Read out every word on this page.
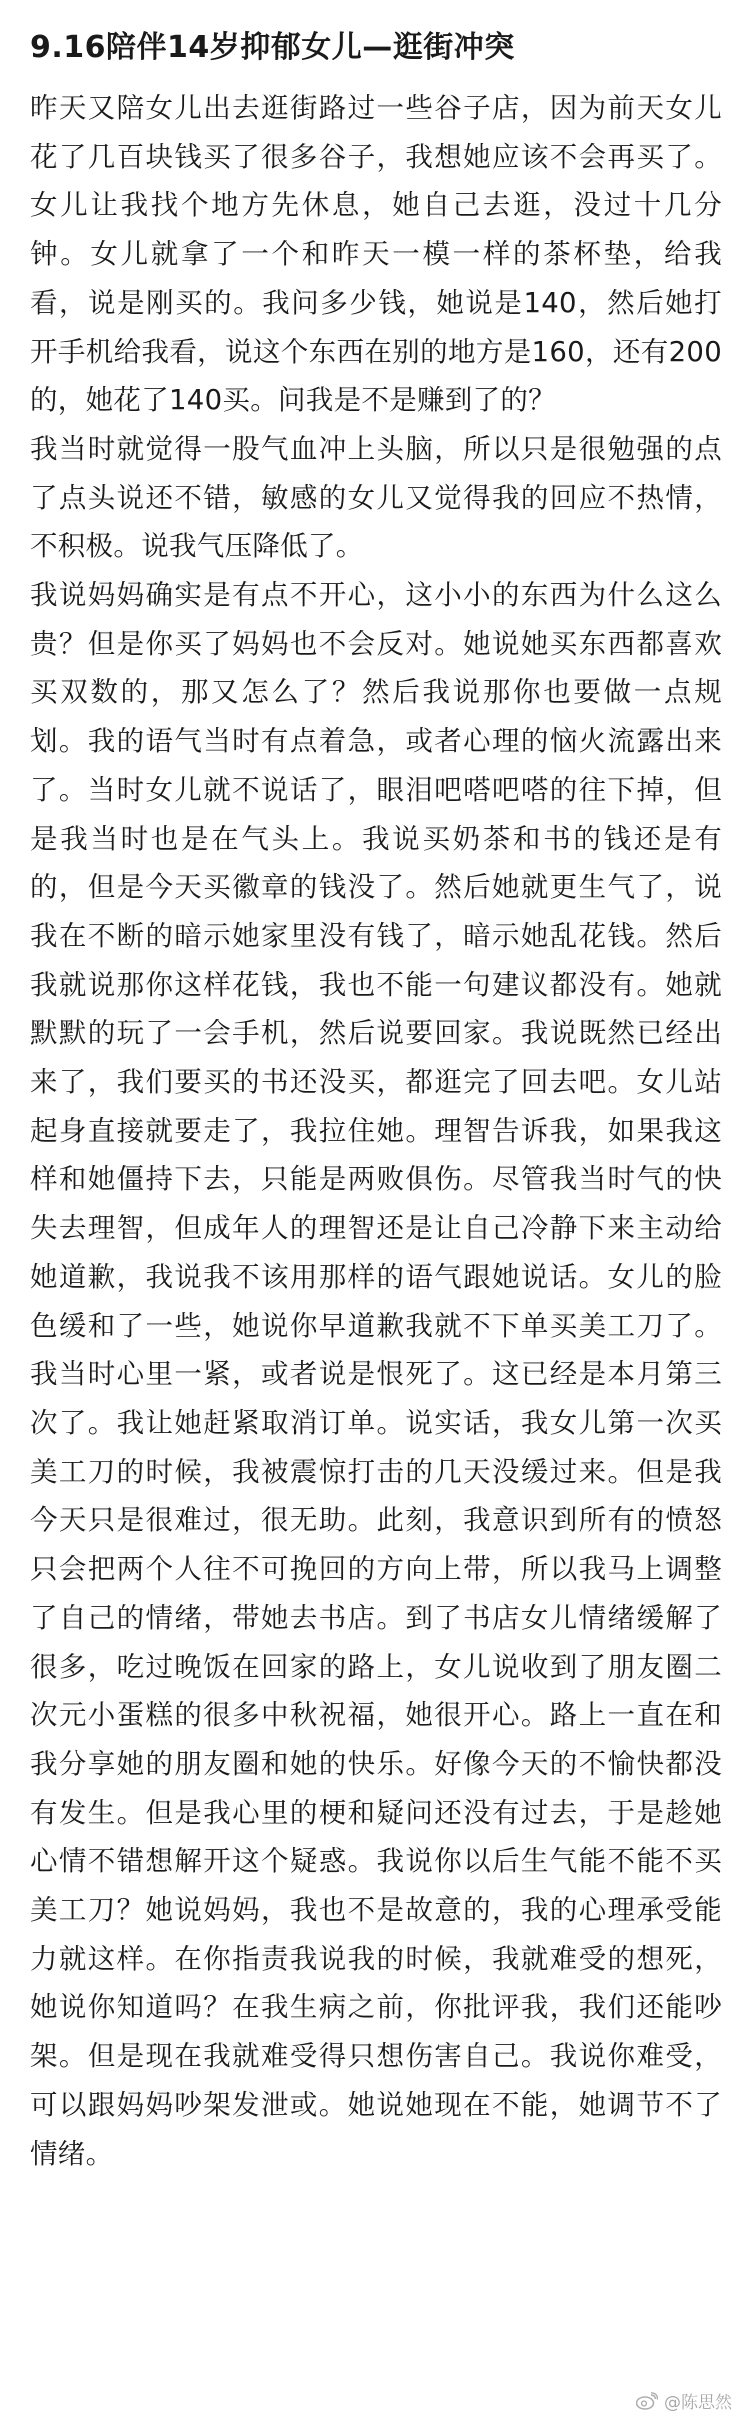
9.16陪伴14岁抑郁女儿—逛街冲突

昨天又陪女儿出去逛街路过一些谷子店，因为前天女儿花了几百块钱买了很多谷子，我想她应该不会再买了。女儿让我找个地方先休息，她自己去逛，没过十几分钟。女儿就拿了一个和昨天一模一样的茶杯垫，给我看，说是刚买的。我问多少钱，她说是140，然后她打开手机给我看，说这个东西在别的地方是160，还有200的，她花了140买。问我是不是赚到了的？

我当时就觉得一股气血冲上头脑，所以只是很勉强的点了点头说还不错，敏感的女儿又觉得我的回应不热情，不积极。说我气压降低了。

我说妈妈确实是有点不开心，这小小的东西为什么这么贵？但是你买了妈妈也不会反对。她说她买东西都喜欢买双数的，那又怎么了？然后我说那你也要做一点规划。我的语气当时有点着急，或者心理的恼火流露出来了。当时女儿就不说话了，眼泪吧嗒吧嗒的往下掉，但是我当时也是在气头上。我说买奶茶和书的钱还是有的，但是今天买徽章的钱没了。然后她就更生气了，说我在不断的暗示她家里没有钱了，暗示她乱花钱。然后我就说那你这样花钱，我也不能一句建议都没有。她就默默的玩了一会手机，然后说要回家。我说既然已经出来了，我们要买的书还没买，都逛完了回去吧。女儿站起身直接就要走了，我拉住她。理智告诉我，如果我这样和她僵持下去，只能是两败俱伤。尽管我当时气的快失去理智，但成年人的理智还是让自己冷静下来主动给她道歉，我说我不该用那样的语气跟她说话。女儿的脸色缓和了一些，她说你早道歉我就不下单买美工刀了。我当时心里一紧，或者说是恨死了。这已经是本月第三次了。我让她赶紧取消订单。说实话，我女儿第一次买美工刀的时候，我被震惊打击的几天没缓过来。但是我今天只是很难过，很无助。此刻，我意识到所有的愤怒只会把两个人往不可挽回的方向上带，所以我马上调整了自己的情绪，带她去书店。到了书店女儿情绪缓解了很多，吃过晚饭在回家的路上，女儿说收到了朋友圈二次元小蛋糕的很多中秋祝福，她很开心。路上一直在和我分享她的朋友圈和她的快乐。好像今天的不愉快都没有发生。但是我心里的梗和疑问还没有过去，于是趁她心情不错想解开这个疑惑。我说你以后生气能不能不买美工刀？她说妈妈，我也不是故意的，我的心理承受能力就这样。在你指责我说我的时候，我就难受的想死，她说你知道吗？在我生病之前，你批评我，我们还能吵架。但是现在我就难受得只想伤害自己。我说你难受，可以跟妈妈吵架发泄或。她说她现在不能，她调节不了情绪。

@陈思然
